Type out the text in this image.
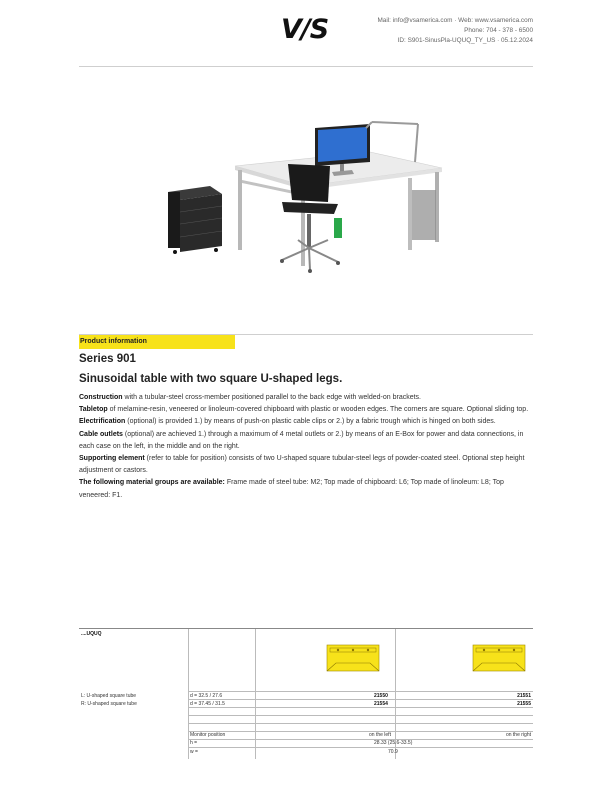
V/S	Mail: info@vsamerica.com · Web: www.vsamerica.com
Phone: 704 - 378 - 6500
ID: S901-SinusPla-UQUQ_TY_US · 05.12.2024
Product information
Series 901
Sinusoidal table with two square U-shaped legs.

Construction with a tubular-steel cross-member positioned parallel to the back edge with welded-on brackets.

Tabletop of melamine-resin, veneered or linoleum-covered chipboard with plastic or wooden edges. The corners are square. Optional sliding top.

Electrification (optional) is provided 1.) by means of push-on plastic cable clips or 2.) by a fabric trough which is hinged on both sides.

Cable outlets (optional) are achieved 1.) through a maximum of 4 metal outlets or 2.) by means of an E-Box for power and data connections, in each case on the left, in the middle and on the right.

Supporting element (refer to table for position) consists of two U-shaped square tubular-steel legs of powder-coated steel. Optional step height adjustment or castors.

The following material groups are available: Frame made of steel tube: M2; Top made of chipboard: L6; Top made of linoleum: L8; Top veneered: F1.

....UQUQ
L: U-shaped square tube
R: U-shaped square tube
d = 32.5 / 27.6	21550	21551
d = 37.45 / 31.5	21554	21555
Monitor position	on the left	on the right
h =	28.33 (25.6-33.5)
w =	70.9
